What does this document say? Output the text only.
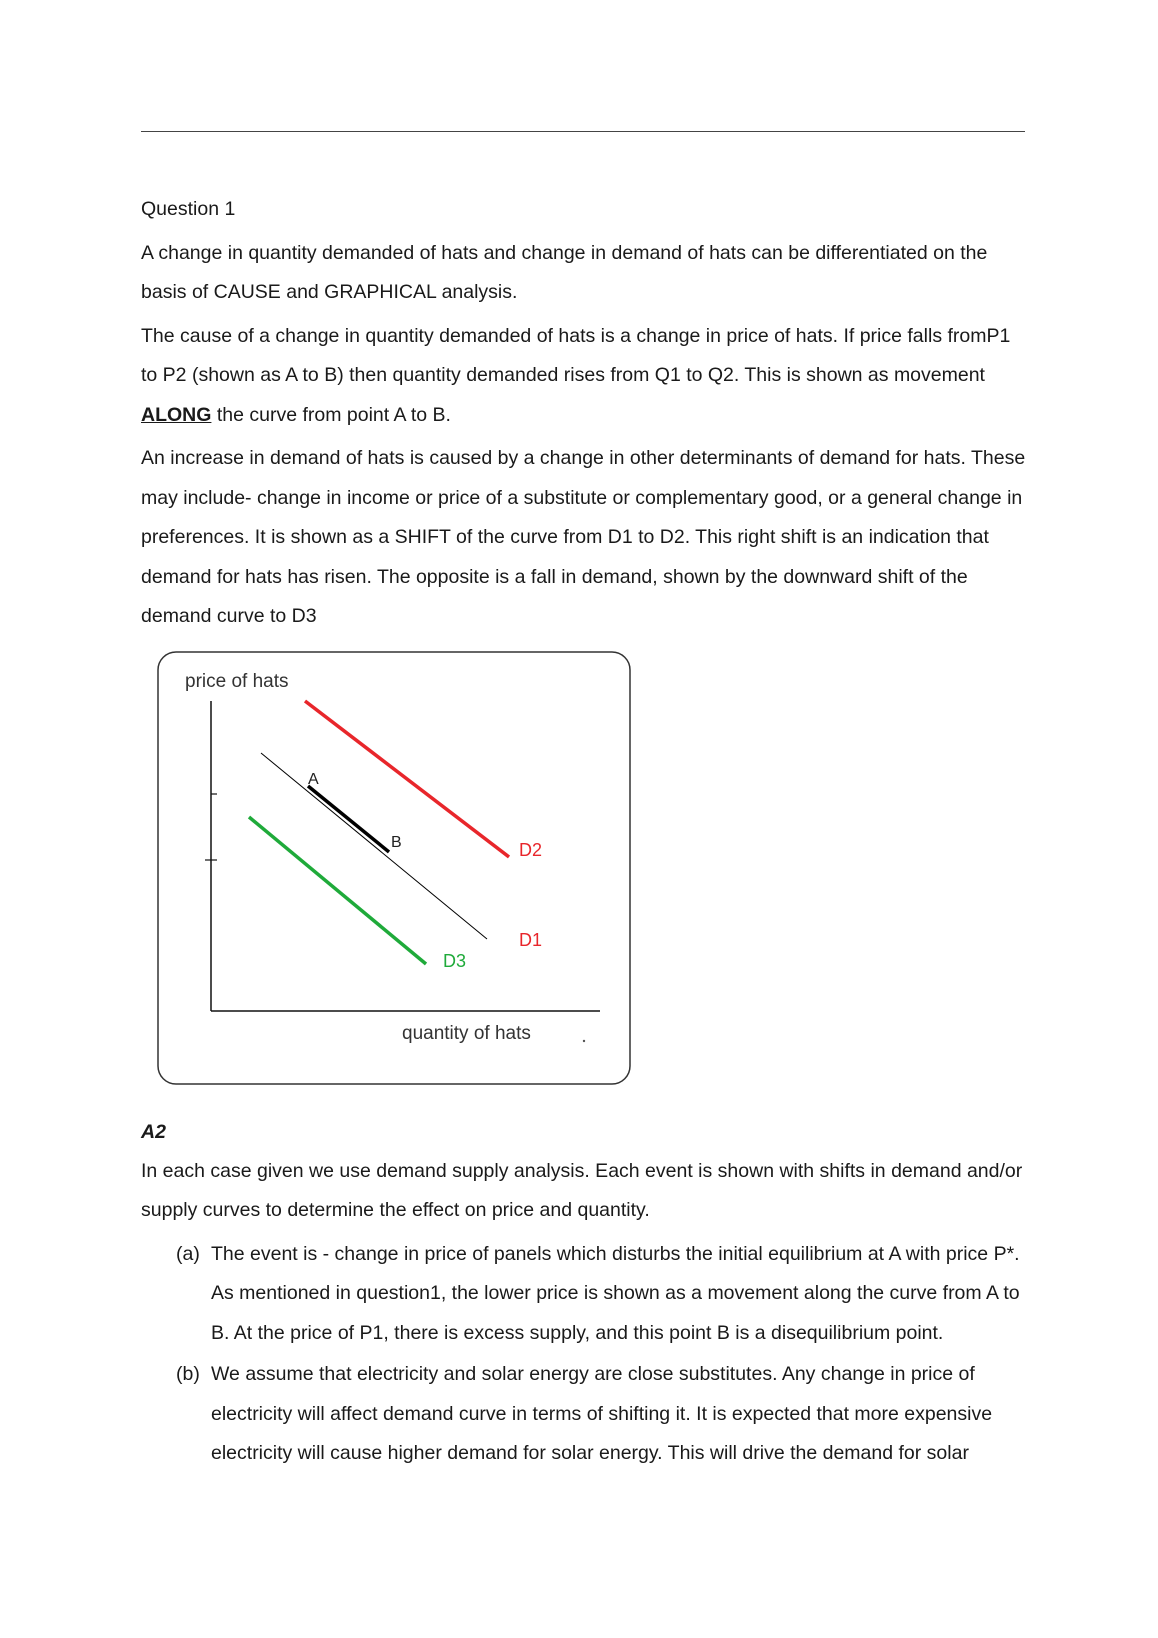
Question 1

A change in quantity demanded of hats and change in demand of hats can be differentiated on the basis of CAUSE and GRAPHICAL analysis.

The cause of a change in quantity demanded of hats is a change in price of hats. If price falls fromP1 to P2 (shown as A to B) then quantity demanded rises from Q1 to Q2. This is shown as movement ALONG the curve from point A to B.

An increase in demand of hats is caused by a change in other determinants of demand for hats. These may include- change in income or price of a substitute or complementary good, or a general change in preferences. It is shown as a SHIFT of the curve from D1 to D2. This right shift is an indication that demand for hats has risen. The opposite is a fall in demand, shown by the downward shift of the demand curve to D3

price of hats
quantity of hats
A
B	D2
D1
D3

A2

In each case given we use demand supply analysis. Each event is shown with shifts in demand and/or supply curves to determine the effect on price and quantity.

(a) The event is - change in price of panels which disturbs the initial equilibrium at A with price P*. As mentioned in question1, the lower price is shown as a movement along the curve from A to B. At the price of P1, there is excess supply, and this point B is a disequilibrium point.
(b) We assume that electricity and solar energy are close substitutes. Any change in price of electricity will affect demand curve in terms of shifting it. It is expected that more expensive electricity will cause higher demand for solar energy. This will drive the demand for solar
